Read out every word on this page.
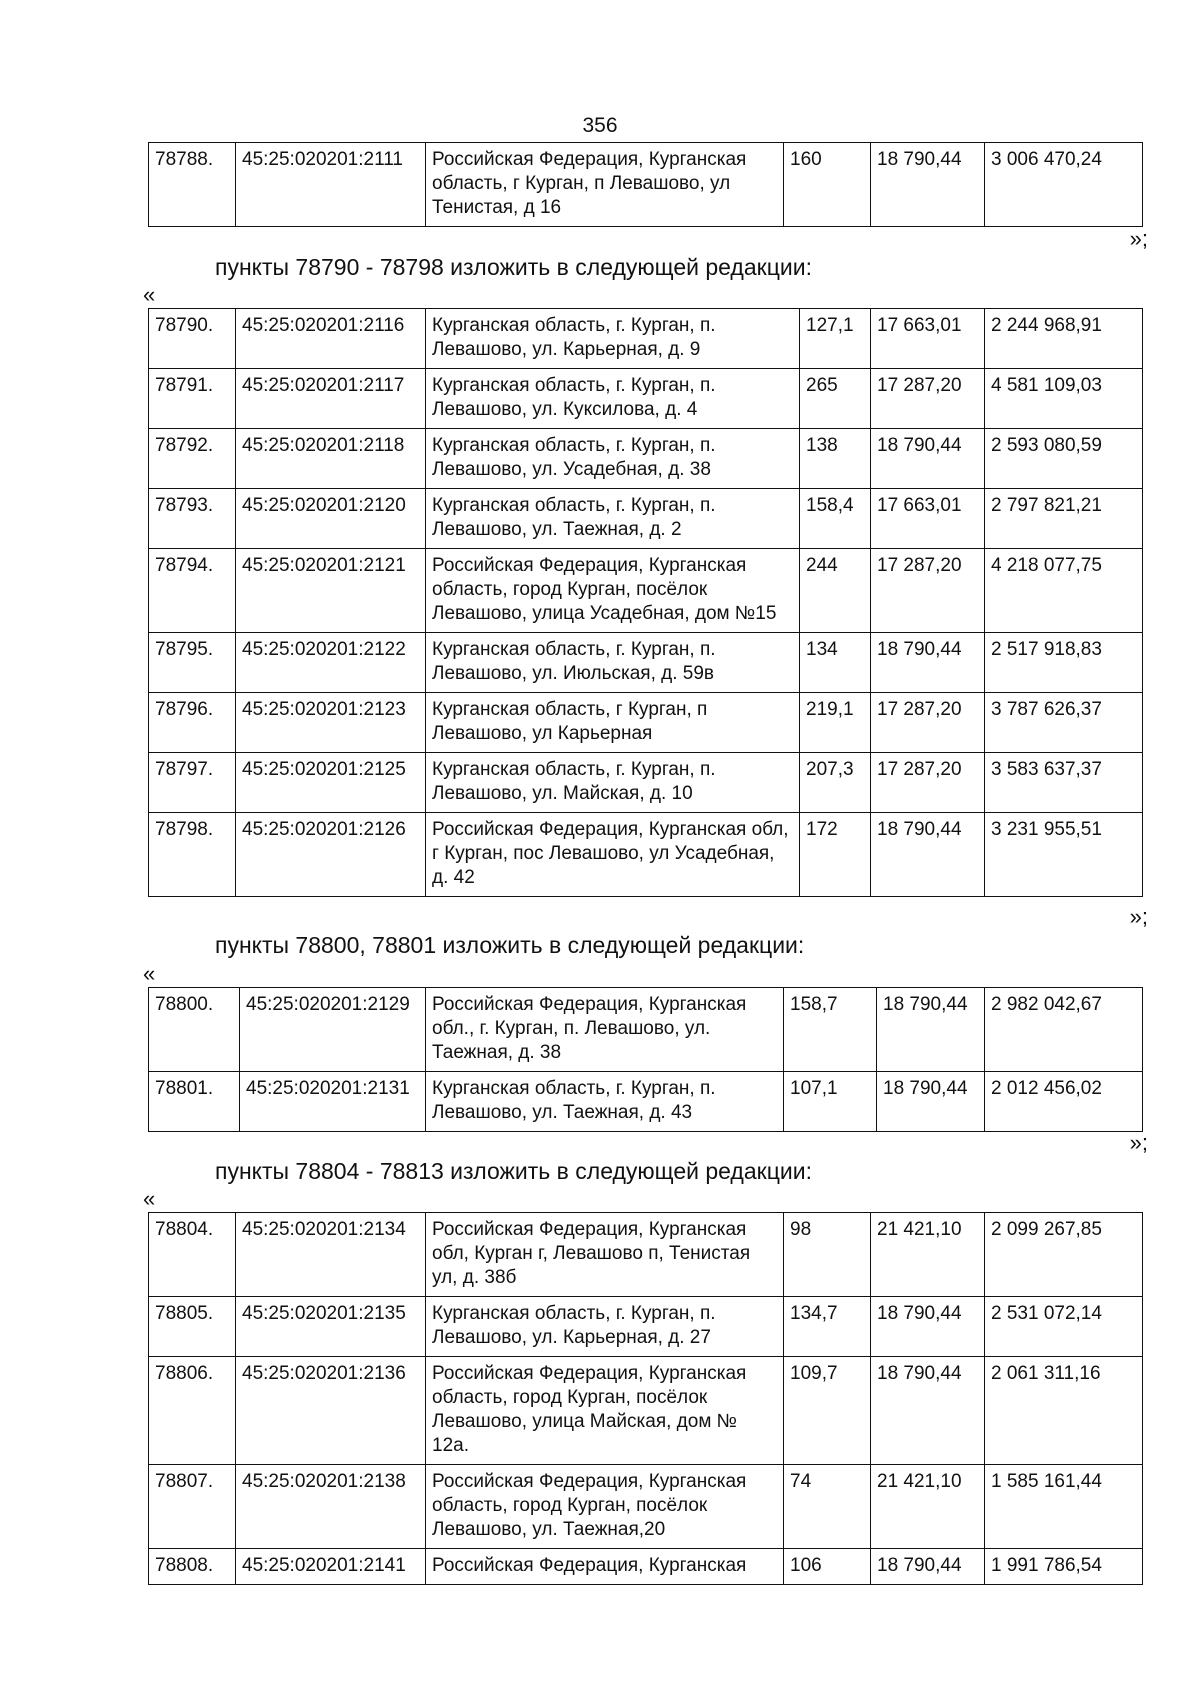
356
78788.	45:25:020201:2111	Российская Федерация, Курганская область, г Курган, п Левашово, ул Тенистая, д 16	160	18 790,44	3 006 470,24
»;
пункты 78790 - 78798 изложить в следующей редакции:
«
78790.	45:25:020201:2116	Курганская область, г. Курган, п. Левашово, ул. Карьерная, д. 9	127,1	17 663,01	2 244 968,91
78791.	45:25:020201:2117	Курганская область, г. Курган, п. Левашово, ул. Куксилова, д. 4	265	17 287,20	4 581 109,03
78792.	45:25:020201:2118	Курганская область, г. Курган, п. Левашово, ул. Усадебная, д. 38	138	18 790,44	2 593 080,59
78793.	45:25:020201:2120	Курганская область, г. Курган, п. Левашово, ул. Таежная, д. 2	158,4	17 663,01	2 797 821,21
78794.	45:25:020201:2121	Российская Федерация, Курганская область, город Курган, посёлок Левашово, улица Усадебная, дом №15	244	17 287,20	4 218 077,75
78795.	45:25:020201:2122	Курганская область, г. Курган, п. Левашово, ул. Июльская, д. 59в	134	18 790,44	2 517 918,83
78796.	45:25:020201:2123	Курганская область, г Курган, п Левашово, ул Карьерная	219,1	17 287,20	3 787 626,37
78797.	45:25:020201:2125	Курганская область, г. Курган, п. Левашово, ул. Майская, д. 10	207,3	17 287,20	3 583 637,37
78798.	45:25:020201:2126	Российская Федерация, Курганская обл, г Курган, пос Левашово, ул Усадебная, д. 42	172	18 790,44	3 231 955,51
»;
пункты 78800, 78801 изложить в следующей редакции:
«
78800.	45:25:020201:2129	Российская Федерация, Курганская обл., г. Курган, п. Левашово, ул. Таежная, д. 38	158,7	18 790,44	2 982 042,67
78801.	45:25:020201:2131	Курганская область, г. Курган, п. Левашово, ул. Таежная, д. 43	107,1	18 790,44	2 012 456,02
»;
пункты 78804 - 78813 изложить в следующей редакции:
«
78804.	45:25:020201:2134	Российская Федерация, Курганская обл, Курган г, Левашово п, Тенистая ул, д. 38б	98	21 421,10	2 099 267,85
78805.	45:25:020201:2135	Курганская область, г. Курган, п. Левашово, ул. Карьерная, д. 27	134,7	18 790,44	2 531 072,14
78806.	45:25:020201:2136	Российская Федерация, Курганская область, город Курган, посёлок Левашово, улица Майская, дом № 12а.	109,7	18 790,44	2 061 311,16
78807.	45:25:020201:2138	Российская Федерация, Курганская область, город Курган, посёлок Левашово, ул. Таежная,20	74	21 421,10	1 585 161,44
78808.	45:25:020201:2141	Российская Федерация, Курганская	106	18 790,44	1 991 786,54
